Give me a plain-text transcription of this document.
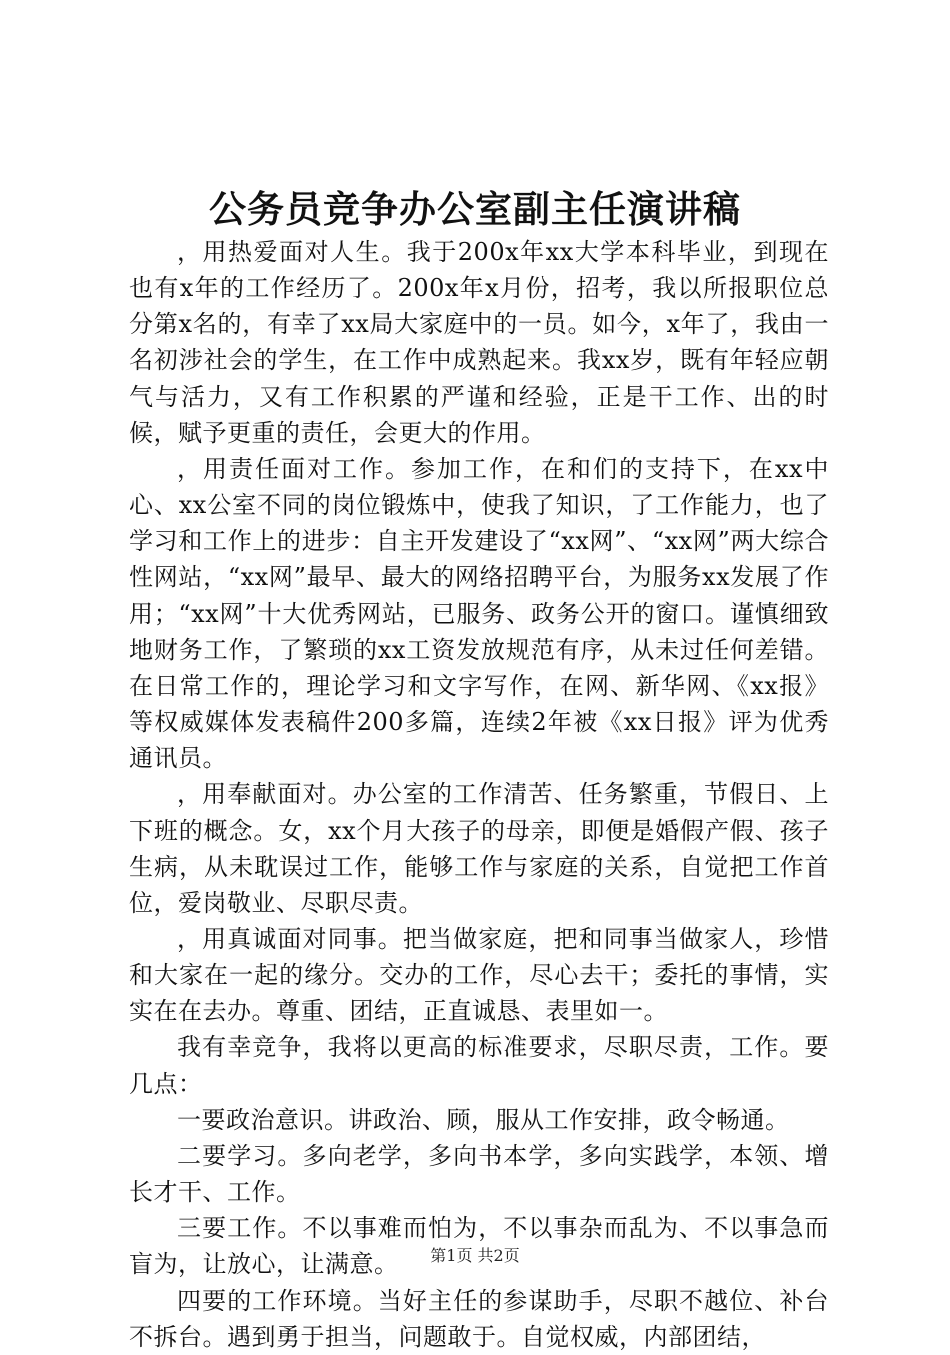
公务员竞争办公室副主任演讲稿

，用热爱面对人生。我于200x年xx大学本科毕业，到现在也有x年的工作经历了。200x年x月份，招考，我以所报职位总分第x名的，有幸了xx局大家庭中的一员。如今，x年了，我由一名初涉社会的学生，在工作中成熟起来。我xx岁，既有年轻应朝气与活力，又有工作积累的严谨和经验，正是干工作、出的时候，赋予更重的责任，会更大的作用。

，用责任面对工作。参加工作，在和们的支持下，在xx中心、xx公室不同的岗位锻炼中，使我了知识，了工作能力，也了学习和工作上的进步：自主开发建设了“xx网”、“xx网”两大综合性网站，“xx网”最早、最大的网络招聘平台，为服务xx发展了作用；“xx网”十大优秀网站，已服务、政务公开的窗口。谨慎细致地财务工作，了繁琐的xx工资发放规范有序，从未过任何差错。在日常工作的，理论学习和文字写作，在网、新华网、《xx报》等权威媒体发表稿件200多篇，连续2年被《xx日报》评为优秀通讯员。

，用奉献面对。办公室的工作清苦、任务繁重，节假日、上下班的概念。女，xx个月大孩子的母亲，即便是婚假产假、孩子生病，从未耽误过工作，能够工作与家庭的关系，自觉把工作首位，爱岗敬业、尽职尽责。

，用真诚面对同事。把当做家庭，把和同事当做家人，珍惜和大家在一起的缘分。交办的工作，尽心去干；委托的事情，实实在在去办。尊重、团结，正直诚恳、表里如一。

我有幸竞争，我将以更高的标准要求，尽职尽责，工作。要几点：

一要政治意识。讲政治、顾，服从工作安排，政令畅通。

二要学习。多向老学，多向书本学，多向实践学，本领、增长才干、工作。

三要工作。不以事难而怕为，不以事杂而乱为、不以事急而盲为，让放心，让满意。

四要的工作环境。当好主任的参谋助手，尽职不越位、补台不拆台。遇到勇于担当，问题敢于。自觉权威，内部团结，

第1页 共2页
